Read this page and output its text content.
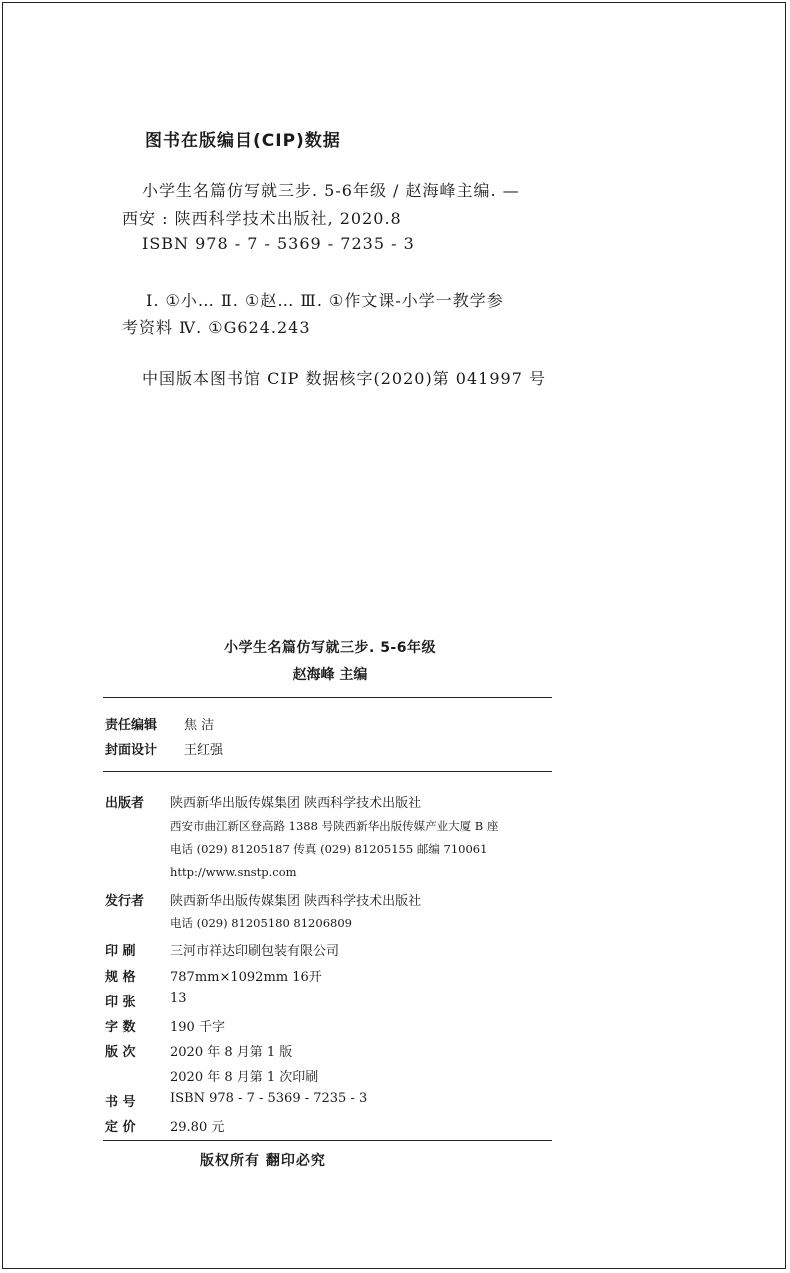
图书在版编目(CIP)数据
小学生名篇仿写就三步. 5-6年级 / 赵海峰主编. —
西安 : 陕西科学技术出版社, 2020.8
ISBN 978 - 7 - 5369 - 7235 - 3
Ⅰ. ①小… Ⅱ. ①赵… Ⅲ. ①作文课-小学一教学参
考资料 Ⅳ. ①G624.243
中国版本图书馆 CIP 数据核字(2020)第 041997 号
小学生名篇仿写就三步. 5-6年级
赵海峰 主编
责任编辑 焦 洁
封面设计 王红强
出版者 陕西新华出版传媒集团 陕西科学技术出版社
西安市曲江新区登高路 1388 号陕西新华出版传媒产业大厦 B 座
电话 (029) 81205187 传真 (029) 81205155 邮编 710061
http://www.snstp.com
发行者 陕西新华出版传媒集团 陕西科学技术出版社
电话 (029) 81205180 81206809
印 刷	三河市祥达印刷包装有限公司
规 格	787mm×1092mm 16开
印 张	13
字 数	190 千字
版 次	2020 年 8 月第 1 版
2020 年 8 月第 1 次印刷
书 号	ISBN 978 - 7 - 5369 - 7235 - 3
定 价	29.80 元
版权所有 翻印必究
